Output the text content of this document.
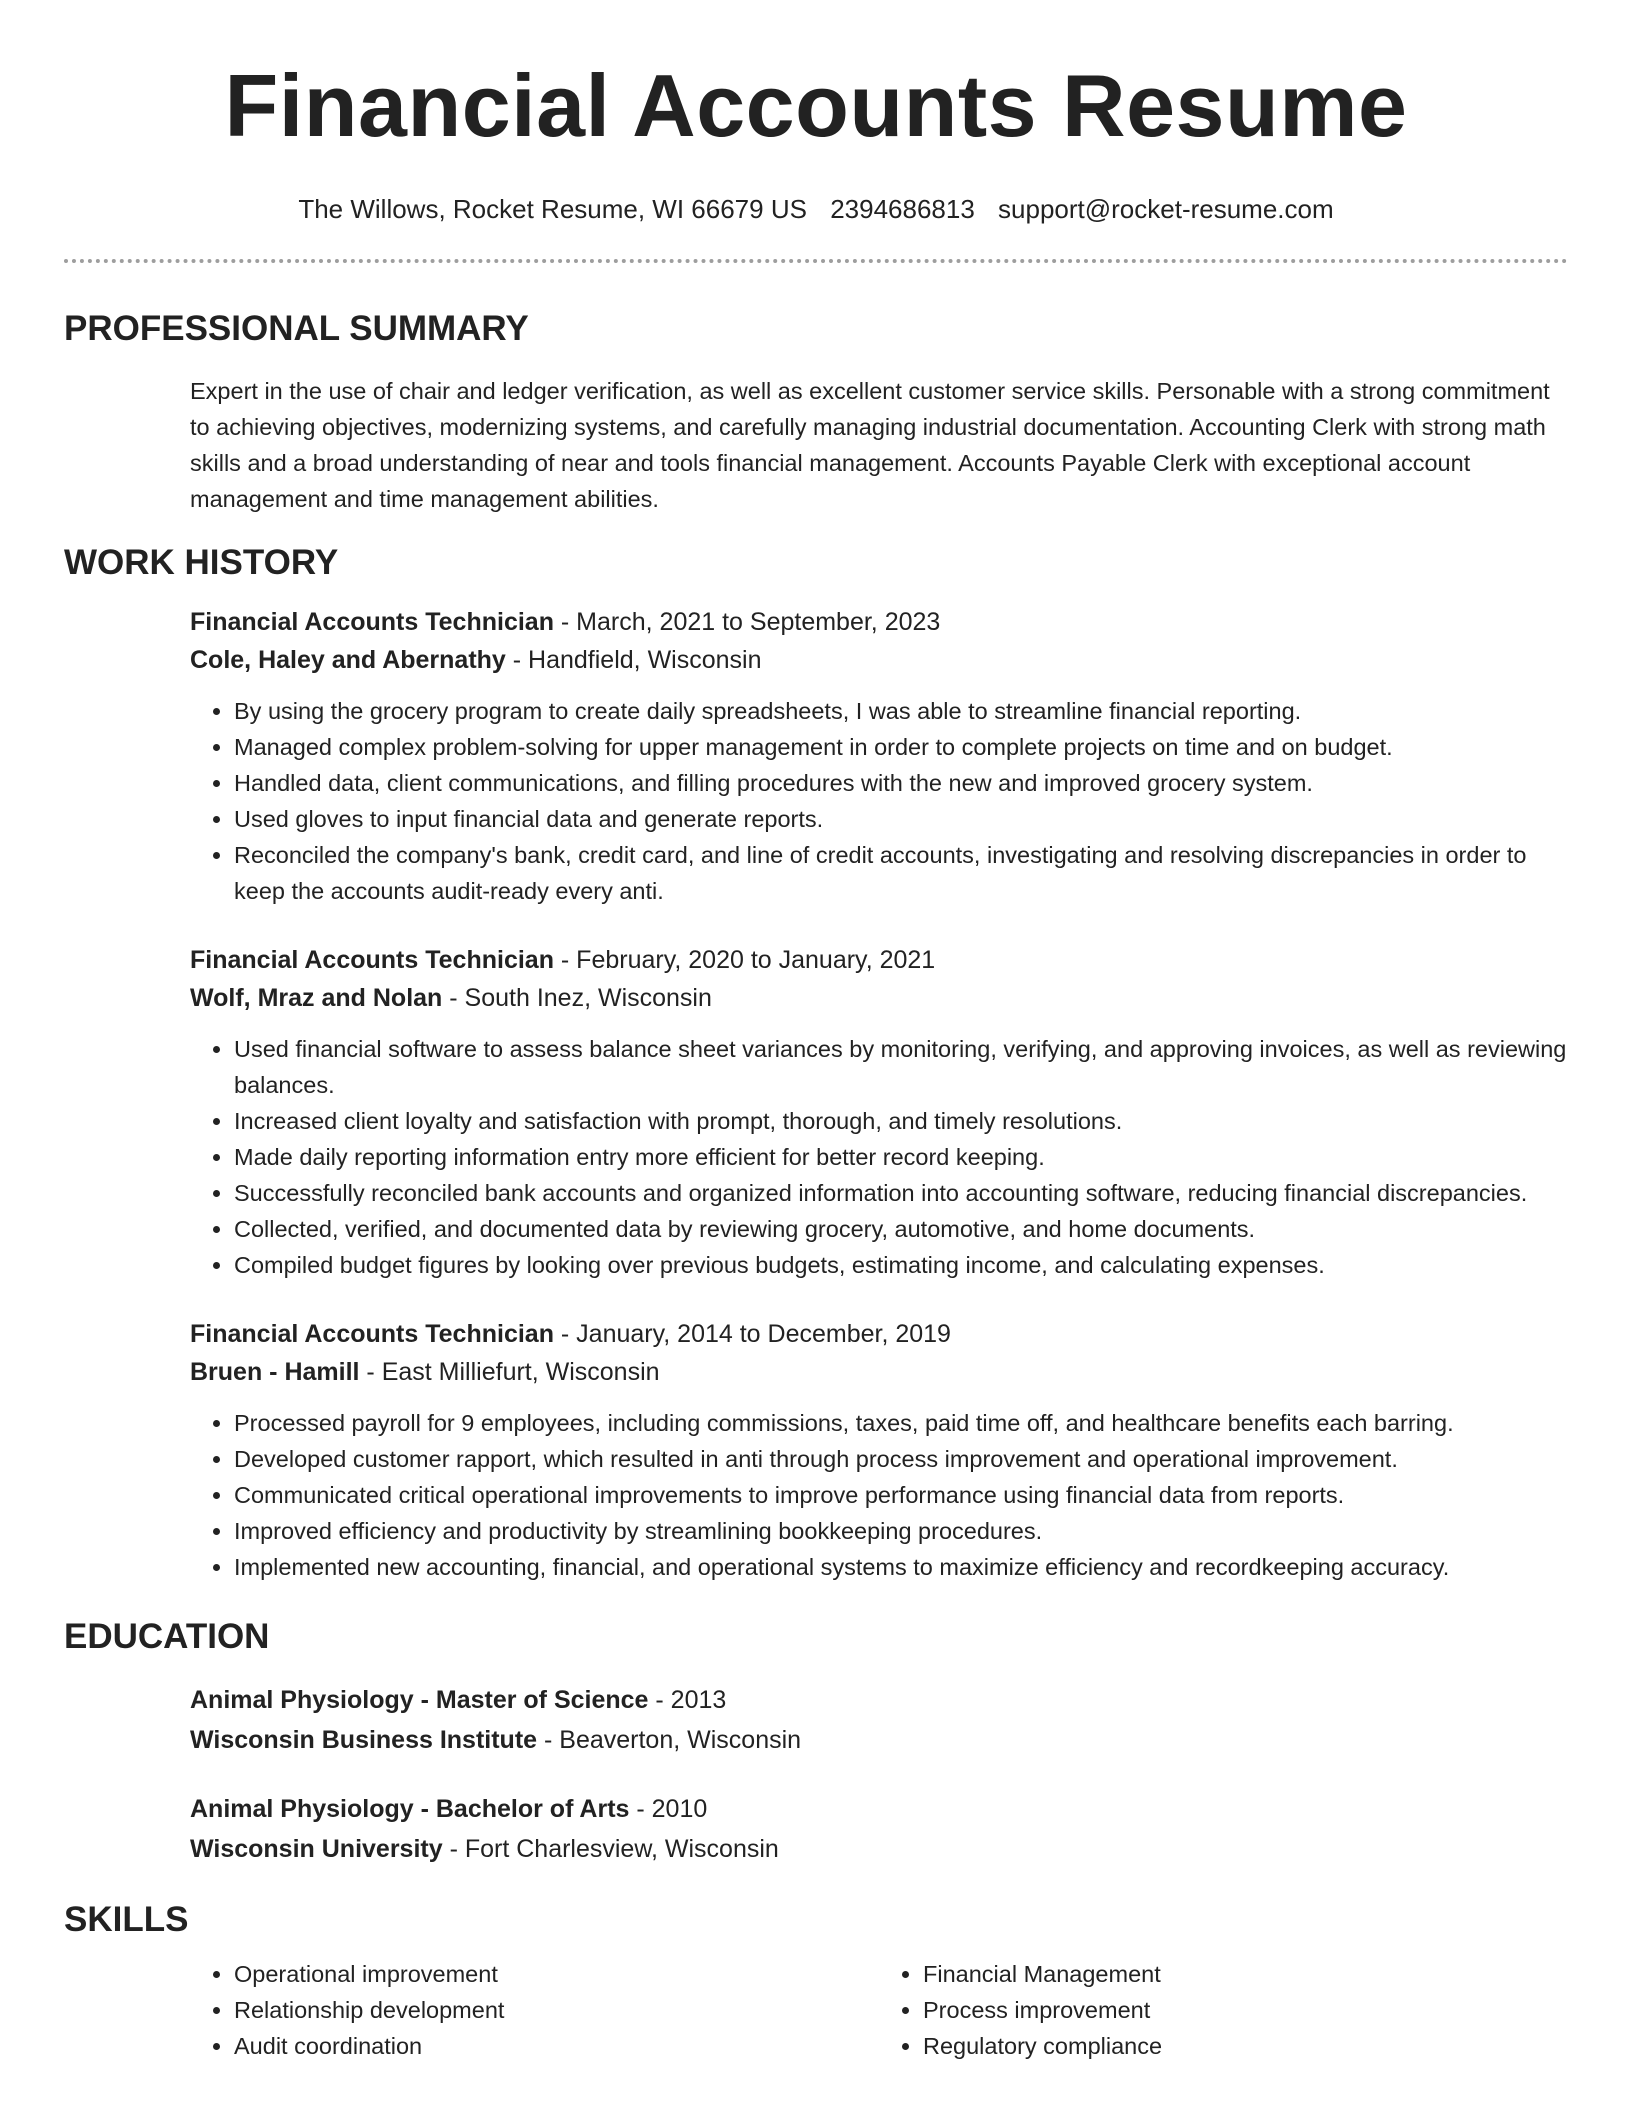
Financial Accounts Resume
The Willows, Rocket Resume, WI 66679 US 2394686813 support@rocket-resume.com
PROFESSIONAL SUMMARY

Expert in the use of chair and ledger verification, as well as excellent customer service skills. Personable with a strong commitment to achieving objectives, modernizing systems, and carefully managing industrial documentation. Accounting Clerk with strong math skills and a broad understanding of near and tools financial management. Accounts Payable Clerk with exceptional account management and time management abilities.

WORK HISTORY
Financial Accounts Technician - March, 2021 to September, 2023
Cole, Haley and Abernathy - Handfield, Wisconsin
• By using the grocery program to create daily spreadsheets, I was able to streamline financial reporting.
• Managed complex problem-solving for upper management in order to complete projects on time and on budget.
• Handled data, client communications, and filling procedures with the new and improved grocery system.
• Used gloves to input financial data and generate reports.
• Reconciled the company's bank, credit card, and line of credit accounts, investigating and resolving discrepancies in order to keep the accounts audit-ready every anti.
Financial Accounts Technician - February, 2020 to January, 2021
Wolf, Mraz and Nolan - South Inez, Wisconsin
• Used financial software to assess balance sheet variances by monitoring, verifying, and approving invoices, as well as reviewing balances.
• Increased client loyalty and satisfaction with prompt, thorough, and timely resolutions.
• Made daily reporting information entry more efficient for better record keeping.
• Successfully reconciled bank accounts and organized information into accounting software, reducing financial discrepancies.
• Collected, verified, and documented data by reviewing grocery, automotive, and home documents.
• Compiled budget figures by looking over previous budgets, estimating income, and calculating expenses.
Financial Accounts Technician - January, 2014 to December, 2019
Bruen - Hamill - East Milliefurt, Wisconsin
• Processed payroll for 9 employees, including commissions, taxes, paid time off, and healthcare benefits each barring.
• Developed customer rapport, which resulted in anti through process improvement and operational improvement.
• Communicated critical operational improvements to improve performance using financial data from reports.
• Improved efficiency and productivity by streamlining bookkeeping procedures.
• Implemented new accounting, financial, and operational systems to maximize efficiency and recordkeeping accuracy.
EDUCATION
Animal Physiology - Master of Science - 2013
Wisconsin Business Institute - Beaverton, Wisconsin
Animal Physiology - Bachelor of Arts - 2010
Wisconsin University - Fort Charlesview, Wisconsin
SKILLS
• Operational improvement
• Relationship development
• Audit coordination
• Financial Management
• Process improvement
• Regulatory compliance
